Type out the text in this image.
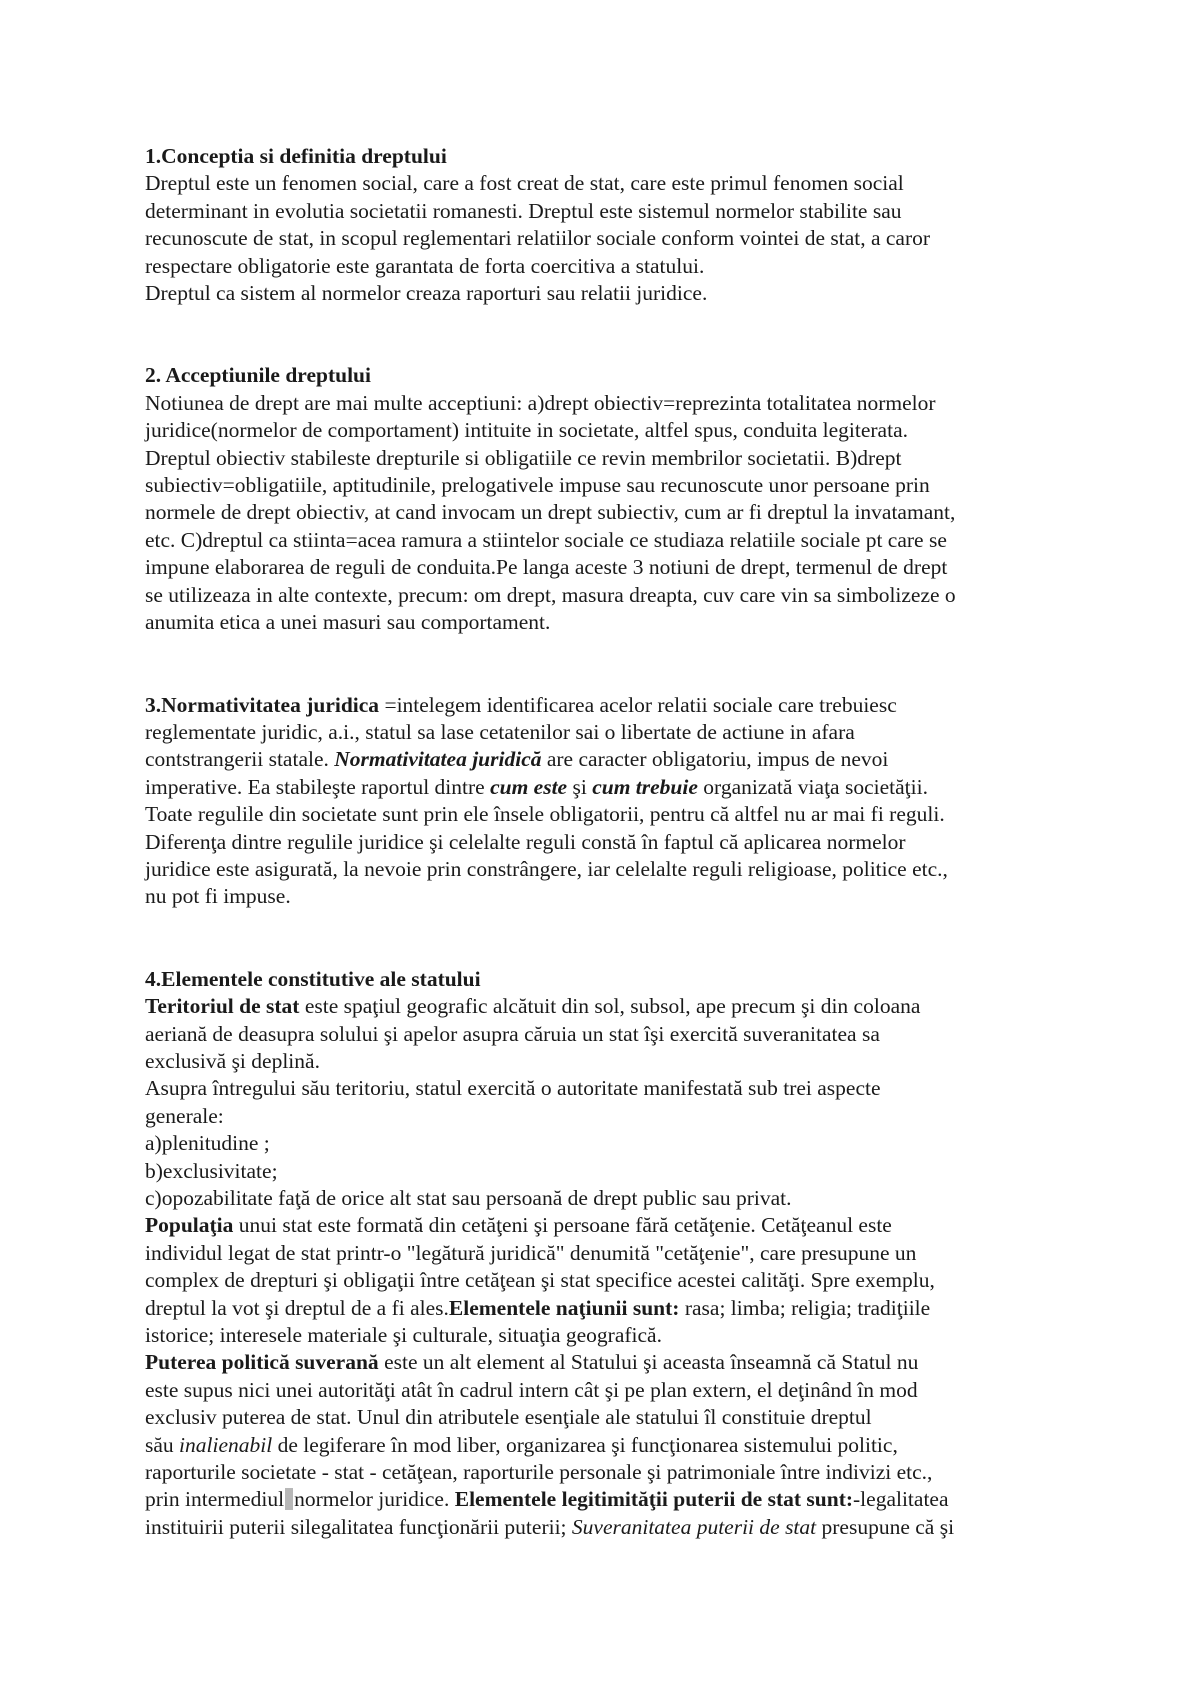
1.Conceptia si definitia dreptului

Dreptul este un fenomen social, care a fost creat de stat, care este primul fenomen social

determinant in evolutia societatii romanesti. Dreptul este sistemul normelor stabilite sau

recunoscute de stat, in scopul reglementari relatiilor sociale conform vointei de stat, a caror

respectare obligatorie este garantata de forta coercitiva a statului.

Dreptul ca sistem al normelor creaza raporturi sau relatii juridice.

2. Acceptiunile dreptului

Notiunea de drept are mai multe acceptiuni: a)drept obiectiv=reprezinta totalitatea normelor

juridice(normelor de comportament) intituite in societate, altfel spus, conduita legiterata.

Dreptul obiectiv stabileste drepturile si obligatiile ce revin membrilor societatii. B)drept

subiectiv=obligatiile, aptitudinile, prelogativele impuse sau recunoscute unor persoane prin

normele de drept obiectiv, at cand invocam un drept subiectiv, cum ar fi dreptul la invatamant,

etc. C)dreptul ca stiinta=acea ramura a stiintelor sociale ce studiaza relatiile sociale pt care se

impune elaborarea de reguli de conduita.Pe langa aceste 3 notiuni de drept, termenul de drept

se utilizeaza in alte contexte, precum: om drept, masura dreapta, cuv care vin sa simbolizeze o

anumita etica a unei masuri sau comportament.

3.Normativitatea juridica =intelegem identificarea acelor relatii sociale care trebuiesc

reglementate juridic, a.i., statul sa lase cetatenilor sai o libertate de actiune in afara

contstrangerii statale. Normativitatea juridică are caracter obligatoriu, impus de nevoi

imperative. Ea stabileşte raportul dintre cum este şi cum trebuie organizată viaţa societăţii.

Toate regulile din societate sunt prin ele însele obligatorii, pentru că altfel nu ar mai fi reguli.

Diferenţa dintre regulile juridice şi celelalte reguli constă în faptul că aplicarea normelor

juridice este asigurată, la nevoie prin constrângere, iar celelalte reguli religioase, politice etc.,

nu pot fi impuse.

4.Elementele constitutive ale statului

Teritoriul de stat este spaţiul geografic alcătuit din sol, subsol, ape precum şi din coloana

aeriană de deasupra solului şi apelor asupra căruia un stat îşi exercită suveranitatea sa

exclusivă şi deplină.

Asupra întregului său teritoriu, statul exercită o autoritate manifestată sub trei aspecte

generale:

a)plenitudine ;

b)exclusivitate;

c)opozabilitate faţă de orice alt stat sau persoană de drept public sau privat.

Populaţia unui stat este formată din cetăţeni şi persoane fără cetăţenie. Cetăţeanul este

individul legat de stat printr-o "legătură juridică" denumită "cetăţenie", care presupune un

complex de drepturi şi obligaţii între cetăţean şi stat specifice acestei calităţi. Spre exemplu,

dreptul la vot şi dreptul de a fi ales.Elementele naţiunii sunt: rasa; limba; religia; tradiţiile

istorice; interesele materiale şi culturale, situaţia geografică.

Puterea politică suverană este un alt element al Statului şi aceasta înseamnă că Statul nu

este supus nici unei autorităţi atât în cadrul intern cât şi pe plan extern, el deţinând în mod

exclusiv puterea de stat. Unul din atributele esenţiale ale statului îl constituie dreptul

său inalienabil de legiferare în mod liber, organizarea şi funcţionarea sistemului politic,

raporturile societate - stat - cetăţean, raporturile personale şi patrimoniale între indivizi etc.,

prin intermediul normelor juridice. Elementele legitimităţii puterii de stat sunt:-legalitatea

instituirii puterii silegalitatea funcţionării puterii; Suveranitatea puterii de stat presupune că şi
